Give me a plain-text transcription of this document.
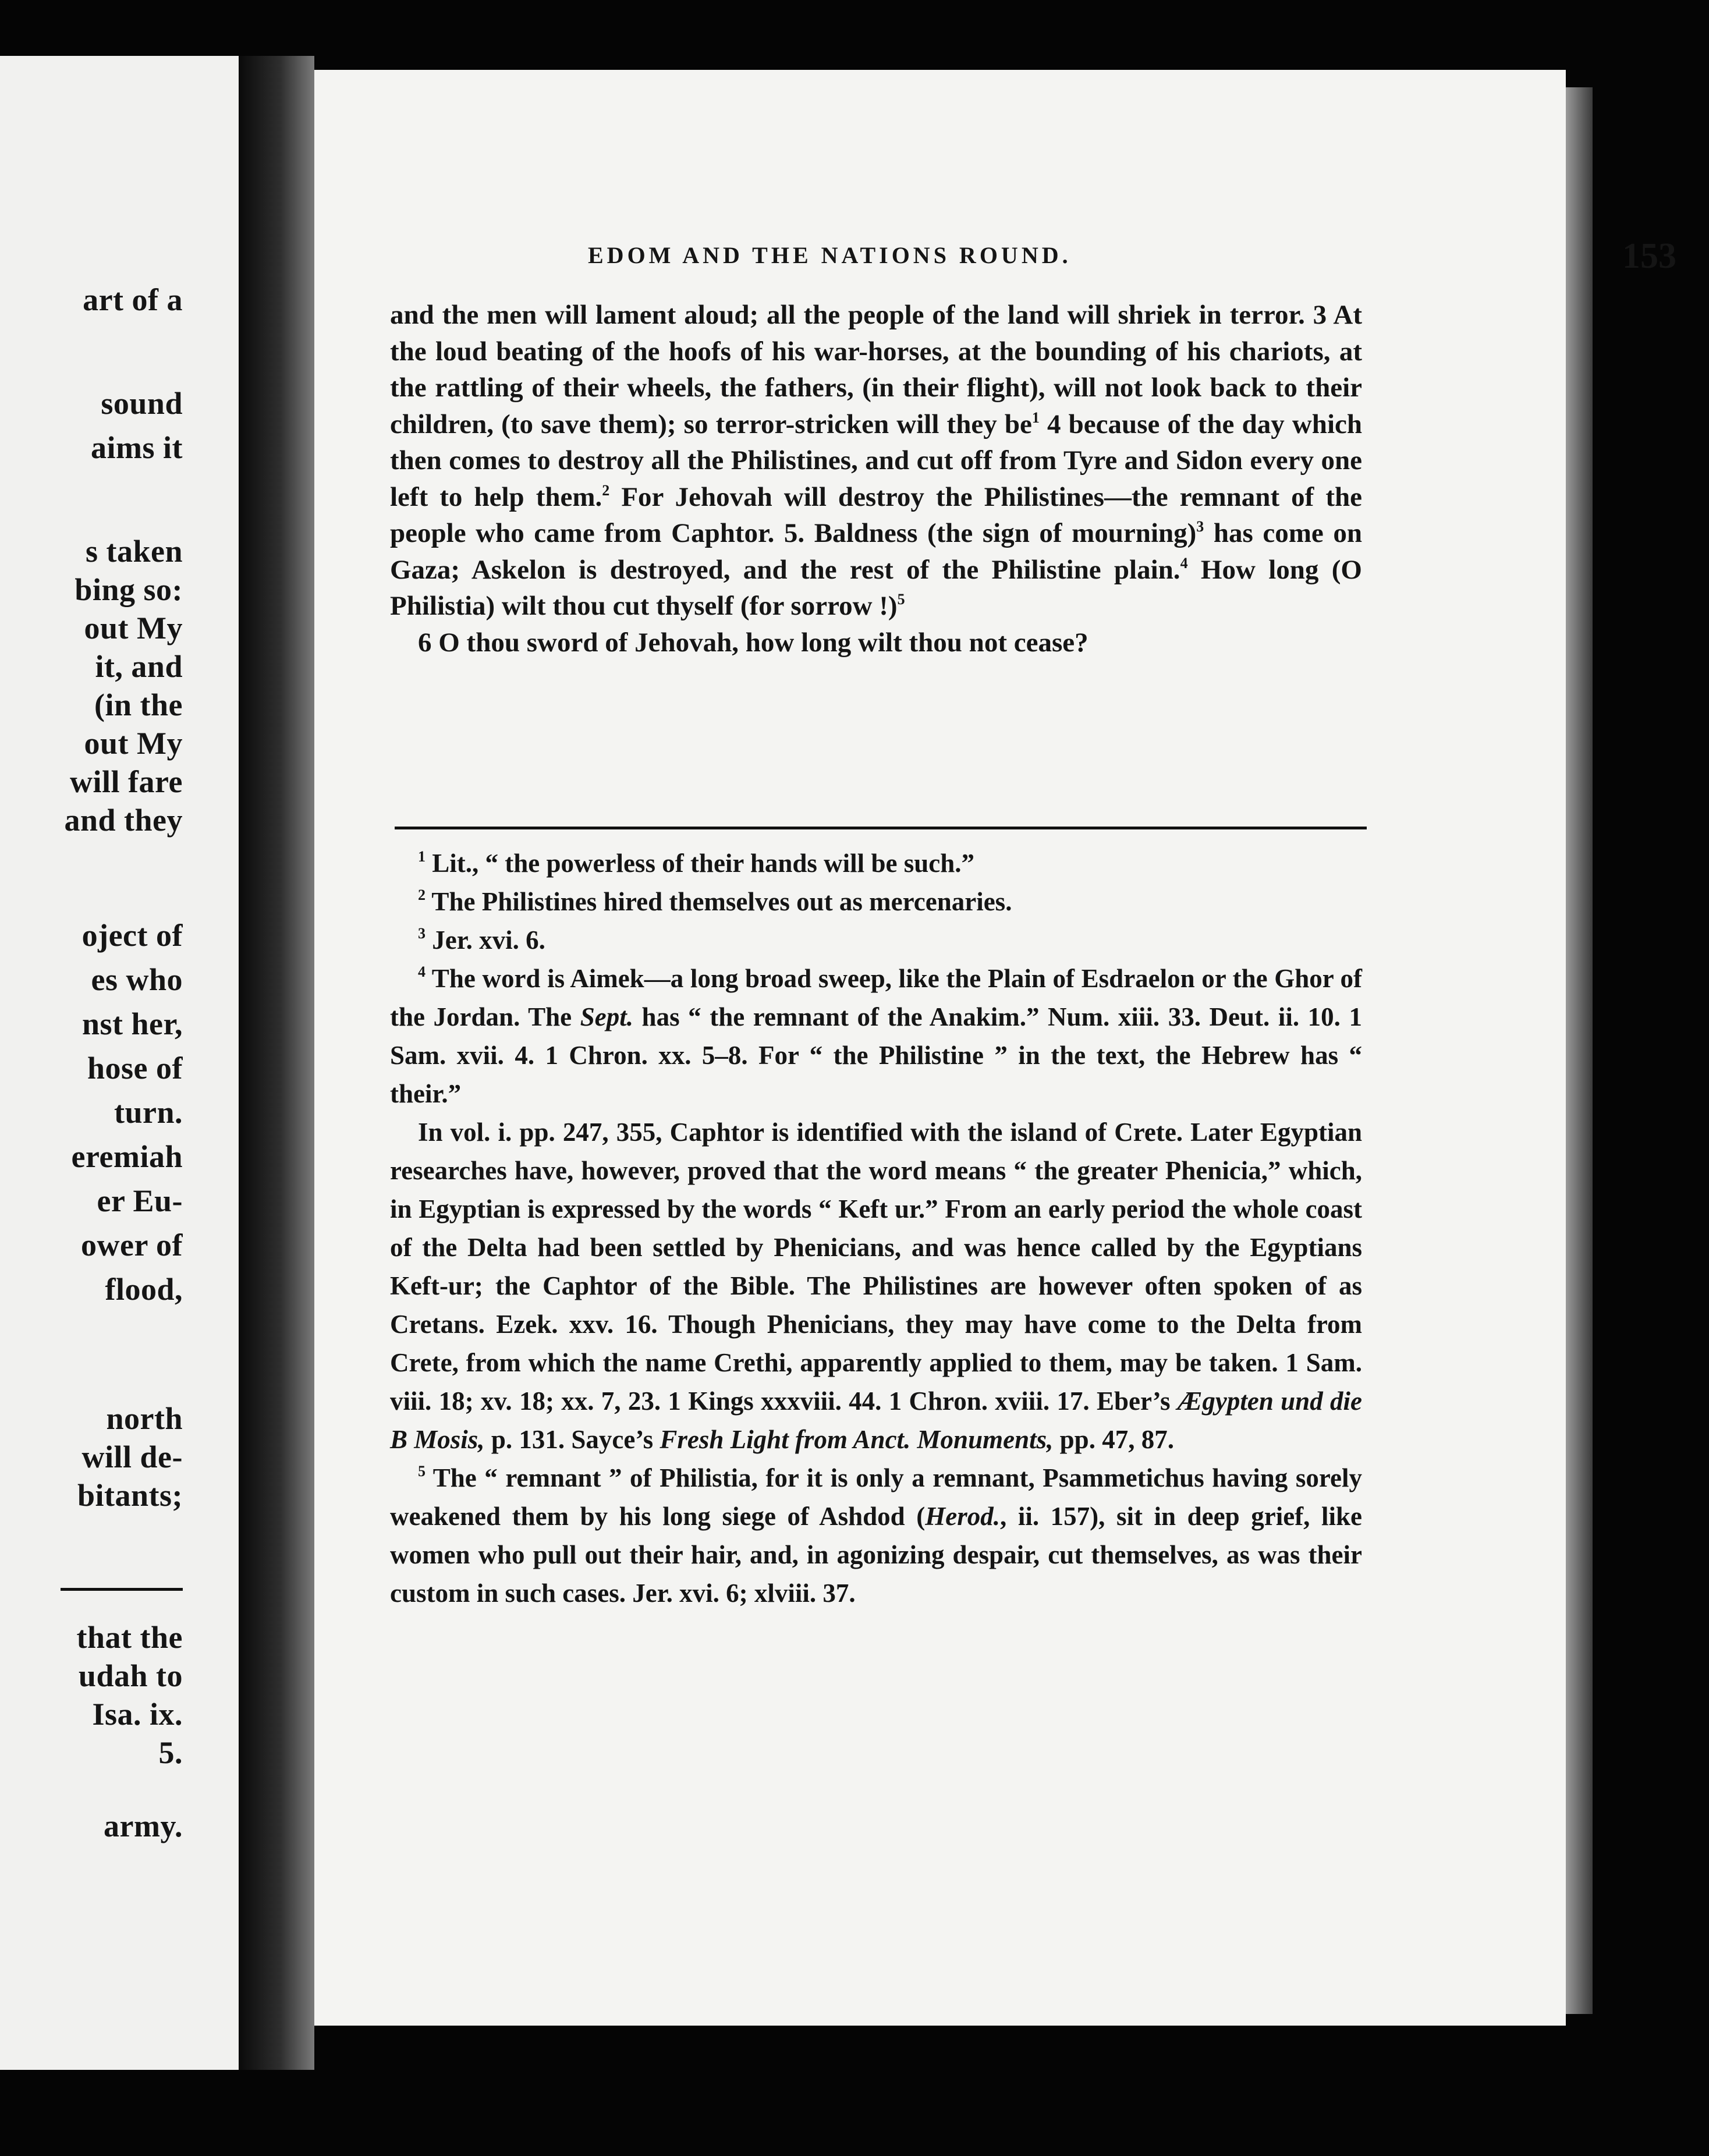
art of a
sound
aims it
s taken
bing so:
out My
it, and
(in the
out My
will fare
and they
oject of
es who
nst her,
hose of
turn.
eremiah
er Eu-
ower of
flood,
north
will de-
bitants;
that the
udah to
Isa. ix.
5.
army.
EDOM AND THE NATIONS ROUND.	153

and the men will lament aloud; all the people of the land will shriek in terror. 3 At the loud beating of the hoofs of his war-horses, at the bounding of his chariots, at the rattling of their wheels, the fathers, (in their flight), will not look back to their children, (to save them); so terror-stricken will they $be^1$ 4 because of the day which then comes to destroy all the Philistines, and cut off from Tyre and Sidon every one left to help them.$^2$ For Jehovah will destroy the Philistines—the remnant of the people who came from Caphtor. 5. Baldness (the sign of mourning)$^3$ has come on Gaza; Askelon is destroyed, and the rest of the Philistine plain.$^4$ How long (O Philistia) wilt thou cut thyself (for sorrow !)$^5$

6 O thou sword of Jehovah, how long wilt thou not cease?

$^1$ Lit., “ the powerless of their hands will be such.”

$^2$ The Philistines hired themselves out as mercenaries.

$^3$ Jer. xvi. 6.

$^4$ The word is Aimek—a long broad sweep, like the Plain of Esdraelon or the Ghor of the Jordan. The Sept. has “ the remnant of the Anakim.” Num. xiii. 33. Deut. ii. 10. 1 Sam. xvii. 4. 1 Chron. xx. 5–8. For “ the Philistine ” in the text, the Hebrew has “ their.”

In vol. i. pp. 247, 355, Caphtor is identified with the island of Crete. Later Egyptian researches have, however, proved that the word means “ the greater Phenicia,” which, in Egyptian is expressed by the words “ Keft ur.” From an early period the whole coast of the Delta had been settled by Phenicians, and was hence called by the Egyptians Keft-ur; the Caphtor of the Bible. The Philistines are however often spoken of as Cretans. Ezek. xxv. 16. Though Phenicians, they may have come to the Delta from Crete, from which the name Crethi, apparently applied to them, may be taken. 1 Sam. viii. 18; xv. 18; xx. 7, 23. 1 Kings xxxviii. 44. 1 Chron. xviii. 17. Eber’s Ægypten und die B Mosis, p. 131. Sayce’s Fresh Light from Anct. Monuments, pp. 47, 87.

$^5$ The “ remnant ” of Philistia, for it is only a remnant, Psammetichus having sorely weakened them by his long siege of Ashdod (Herod., ii. 157), sit in deep grief, like women who pull out their hair, and, in agonizing despair, cut themselves, as was their custom in such cases. Jer. xvi. 6; xlviii. 37.
